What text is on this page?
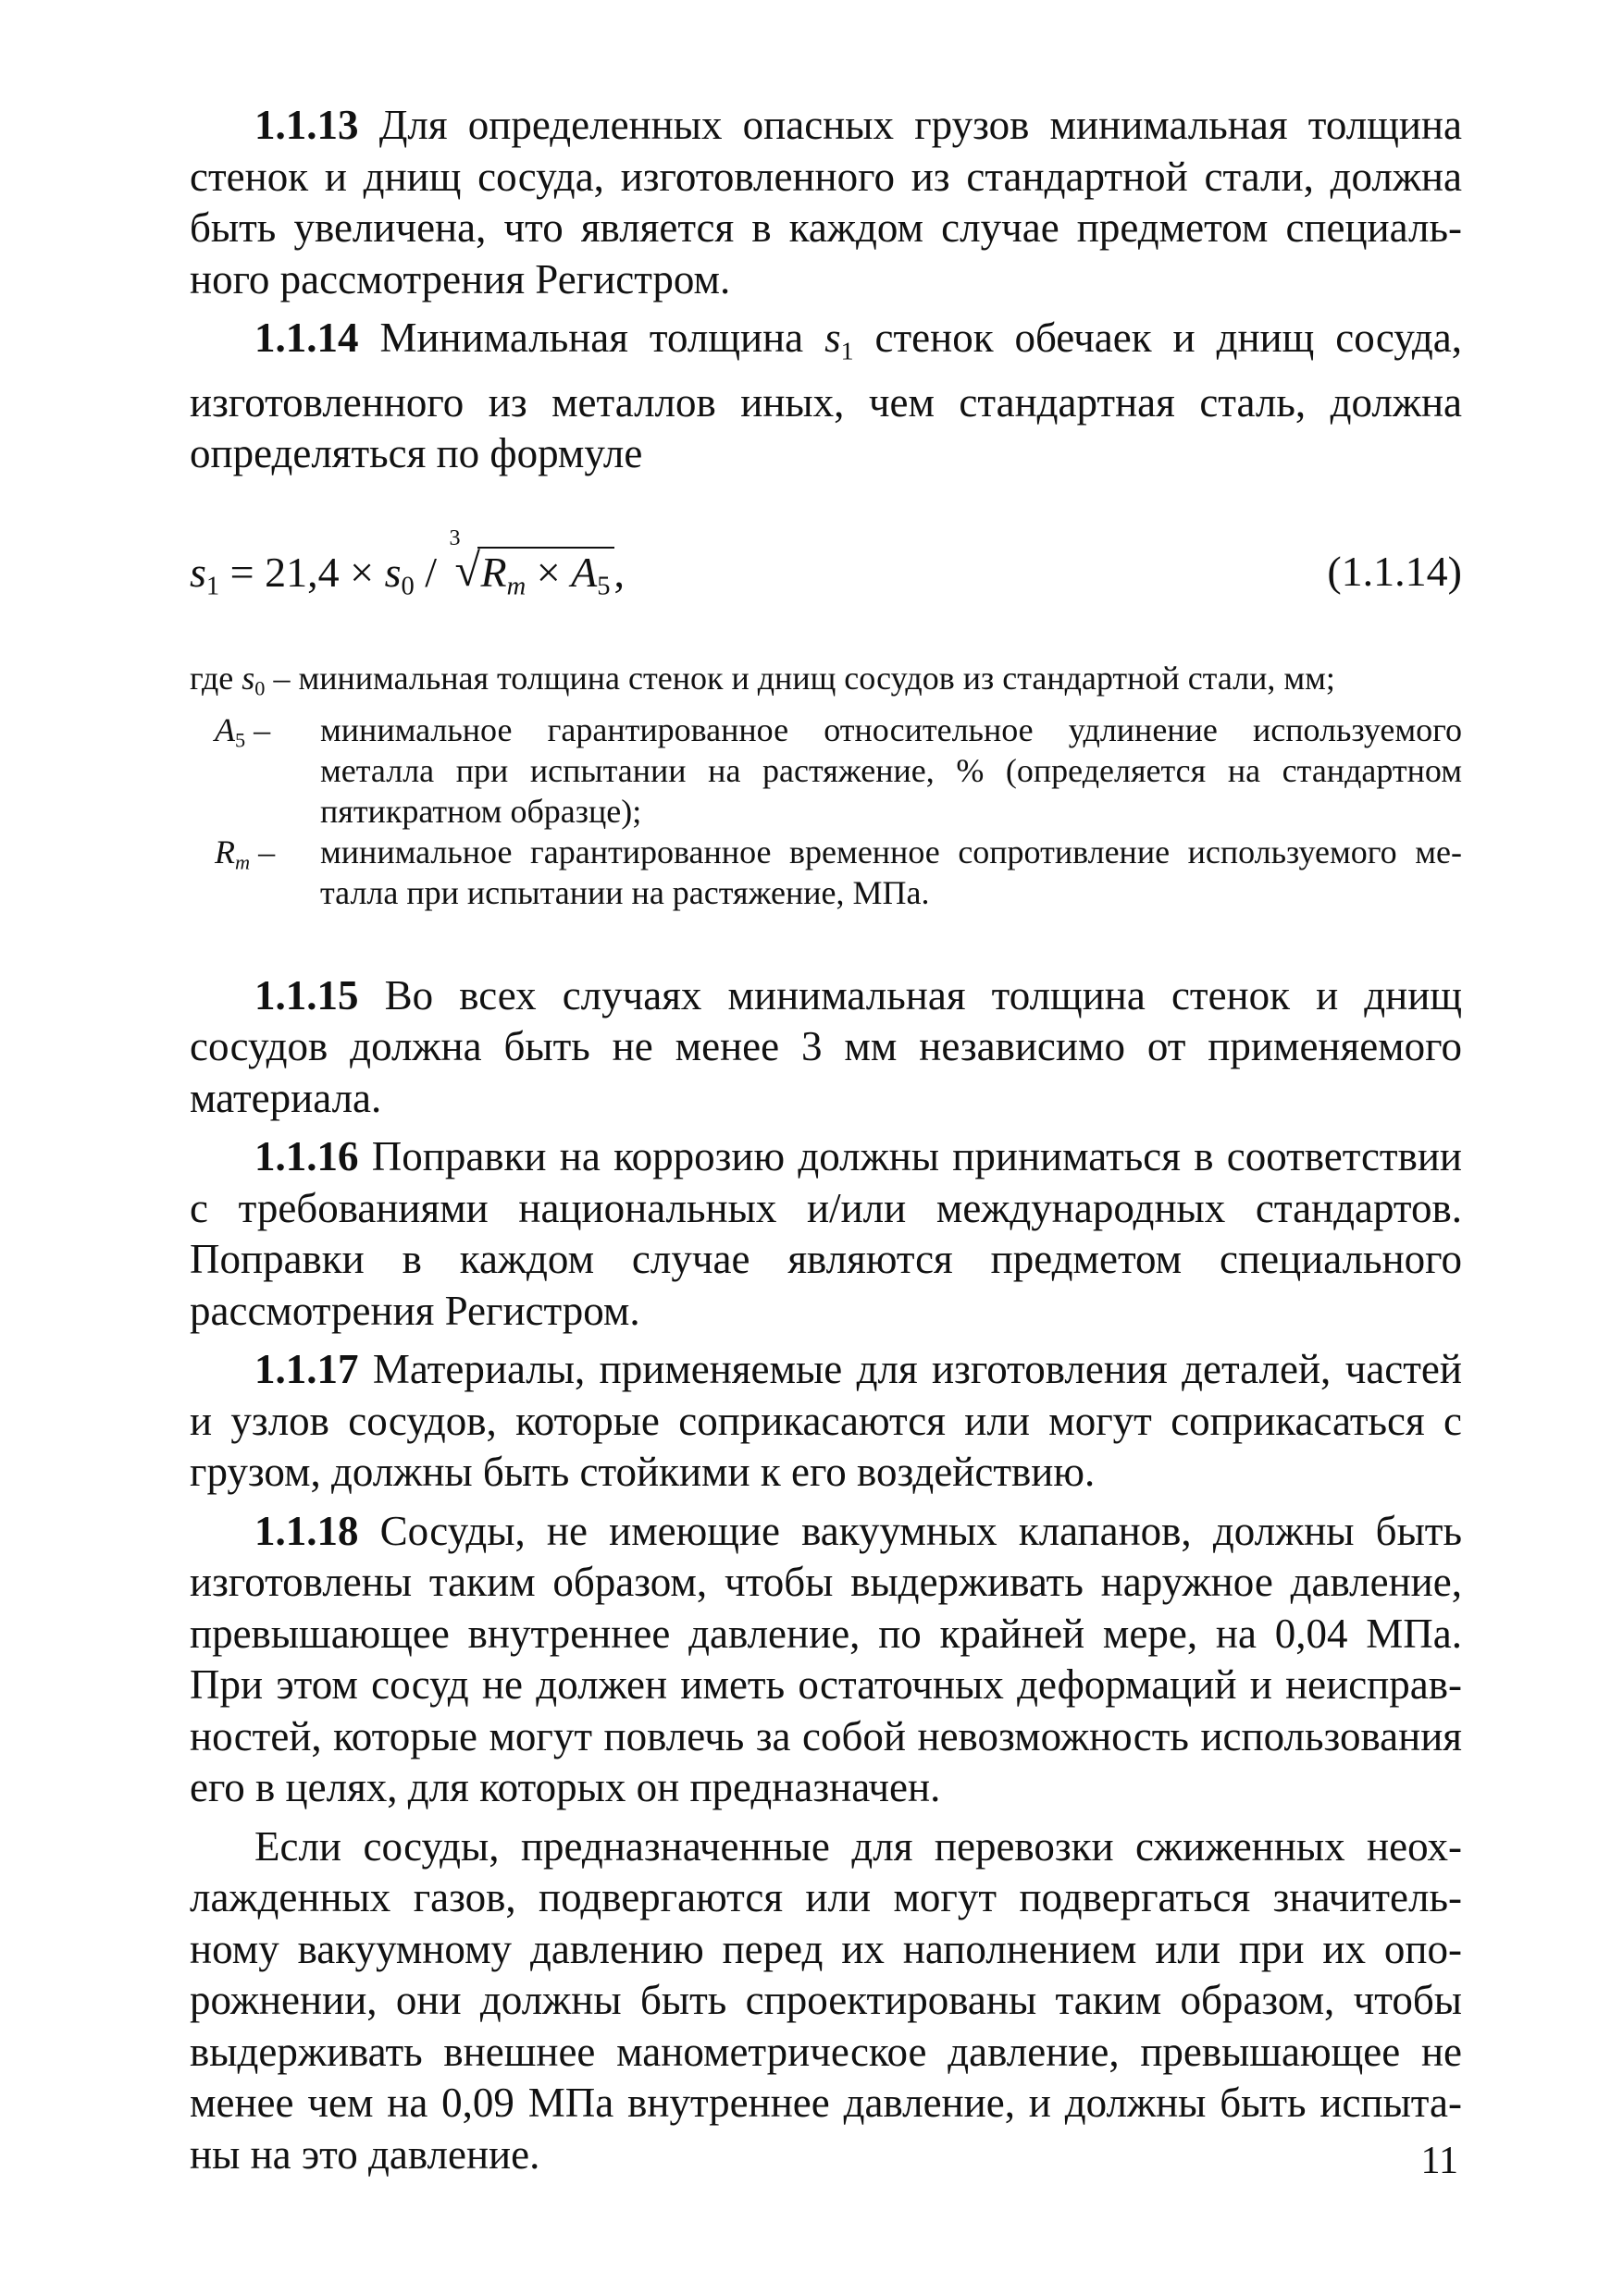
1.1.13 Для определенных опасных грузов минимальная толщина стенок и днищ сосуда, изготовленного из стандартной стали, должна быть увеличена, что является в каждом случае предметом специального рассмотрения Регистром.

1.1.14 Минимальная толщина $s_1$ стенок обечаек и днищ сосуда, изготовленного из металлов иных, чем стандартная сталь, должна определяться по формуле

$s_1 = 21,4 \times s_0$ /
3
√ $R_m \times A_5$,	(1.1.14)
где $s_0$ – минимальная толщина стенок и днищ сосудов из стандартной стали, мм;
$A_5$ –	минимальное гарантированное относительное удлинение используемого металла при испытании на растяжение, % (определяется на стандартном пятикратном образце);
$R_m$ –	минимальное гарантированное временное сопротивление используемого металла при испытании на растяжение, МПа.

1.1.15 Во всех случаях минимальная толщина стенок и днищ сосудов должна быть не менее 3 мм независимо от применяемого материала.

1.1.16 Поправки на коррозию должны приниматься в соответствии с требованиями национальных и/или международных стандартов. Поправки в каждом случае являются предметом специального рассмотрения Регистром.

1.1.17 Материалы, применяемые для изготовления деталей, частей и узлов сосудов, которые соприкасаются или могут соприкасаться с грузом, должны быть стойкими к его воздействию.

1.1.18 Сосуды, не имеющие вакуумных клапанов, должны быть изготовлены таким образом, чтобы выдерживать наружное давление, превышающее внутреннее давление, по крайней мере, на 0,04 МПа. При этом сосуд не должен иметь остаточных деформаций и неисправностей, которые могут повлечь за собой невозможность использования его в целях, для которых он предназначен.

Если сосуды, предназначенные для перевозки сжиженных неохлажденных газов, подвергаются или могут подвергаться значительному вакуумному давлению перед их наполнением или при их опорожнении, они должны быть спроектированы таким образом, чтобы выдерживать внешнее манометрическое давление, превышающее не менее чем на 0,09 МПа внутреннее давление, и должны быть испытаны на это давление.	11
